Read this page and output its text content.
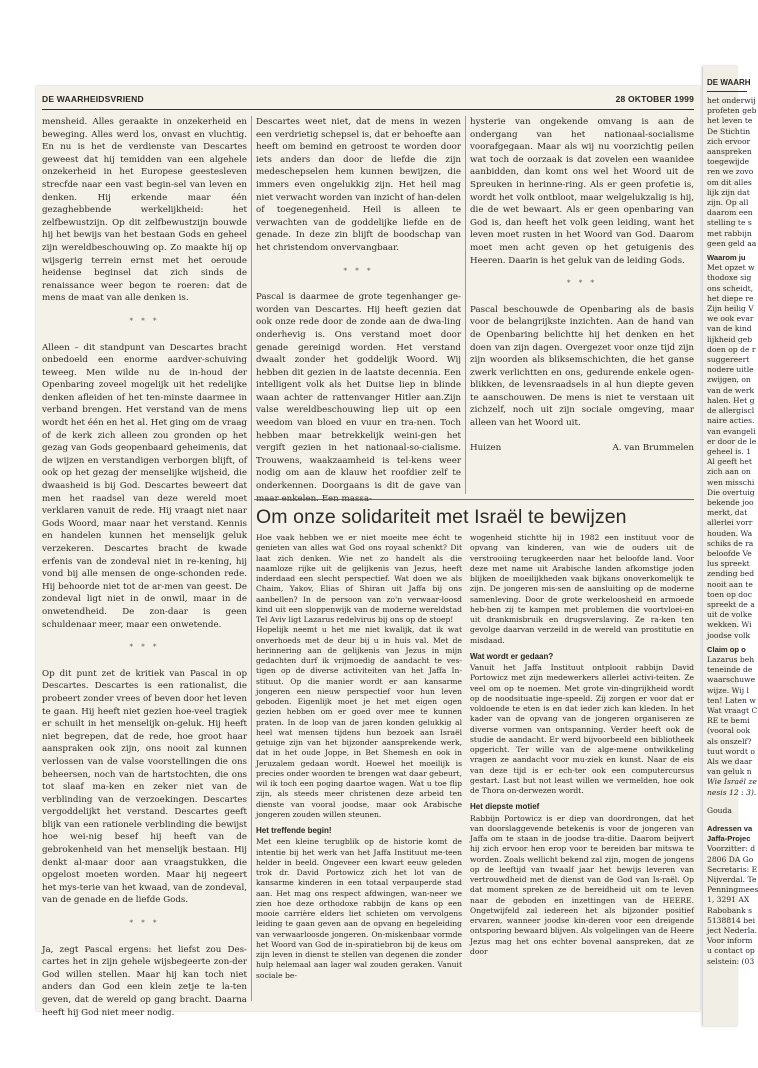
DE WAARHEIDSVRIEND	28 OKTOBER 1999

mensheid. Alles geraakte in onzekerheid en beweging. Alles werd los, onvast en vluchtig. En nu is het de verdienste van Descartes geweest dat hij temidden van een algehele onzekerheid in het Europese geestesleven strecfde naar een vast begin-sel van leven en denken. Hij erkende maar één gezaghebbende werkelijkheid: het zelfbewustzijn. Op dit zelfbewustzijn bouwde hij het bewijs van het bestaan Gods en geheel zijn wereldbeschouwing op. Zo maakte hij op wijsgerig terrein ernst met het oeroude heidense beginsel dat zich sinds de renaissance weer begon te roeren: dat de mens de maat van alle denken is.

* * *

Alleen – dit standpunt van Descartes bracht onbedoeld een enorme aardver-schuiving teweeg. Men wilde nu de in-houd der Openbaring zoveel mogelijk uit het redelijke denken afleiden of het ten-minste daarmee in verband brengen. Het verstand van de mens wordt het één en het al. Het ging om de vraag of de kerk zich alleen zou gronden op het gezag van Gods geopenbaard geheimenis, dat de wijzen en verstandigen verborgen blijft, of ook op het gezag der menselijke wijsheid, die dwaasheid is bij God. Descartes beweert dat men het raadsel van deze wereld moet verklaren vanuit de rede. Hij vraagt niet naar Gods Woord, maar naar het verstand. Kennis en handelen kunnen het menselijk geluk verzekeren. Descartes bracht de kwade erfenis van de zondeval niet in re-kening, hij vond bij alle mensen de onge-schonden rede. Hij behoorde niet tot de ar-men van geest. De zondeval ligt niet in de onwil, maar in de onwetendheid. De zon-daar is geen schuldenaar meer, maar een onwetende.

* * *

Op dit punt zet de kritiek van Pascal in op Descartes. Descartes is een rationalist, die probeert zonder vrees of beven door het leven te gaan. Hij heeft niet gezien hoe-veel tragiek er schuilt in het menselijk on-geluk. Hij heeft niet begrepen, dat de rede, hoe groot haar aanspraken ook zijn, ons nooit zal kunnen verlossen van de valse voorstellingen die ons beheersen, noch van de hartstochten, die ons tot slaaf ma-ken en zeker niet van de verblinding van de verzoekingen. Descartes vergoddelijkt het verstand. Descartes geeft blijk van een rationele verblinding die bewijst hoe wei-nig besef hij heeft van de gebrokenheid van het menselijk bestaan. Hij denkt al-maar door aan vraagstukken, die opgelost moeten worden. Maar hij negeert het mys-terie van het kwaad, van de zondeval, van de genade en de liefde Gods.

* * *

Ja, zegt Pascal ergens: het liefst zou Des-cartes het in zijn gehele wijsbegeerte zon-der God willen stellen. Maar hij kan toch niet anders dan God een klein zetje te la-ten geven, dat de wereld op gang bracht. Daarna heeft hij God niet meer nodig.

Descartes weet niet, dat de mens in wezen een verdrietig schepsel is, dat er behoefte aan heeft om bemind en getroost te worden door iets anders dan door de liefde die zijn medeschepselen hem kunnen bewijzen, die immers even ongelukkig zijn. Het heil mag niet verwacht worden van inzicht of han-delen of toegenegenheid. Heil is alleen te verwachten van de goddelijke liefde en de genade. In deze zin blijft de boodschap van het christendom onvervangbaar.

* * *

Pascal is daarmee de grote tegenhanger ge-worden van Descartes. Hij heeft gezien dat ook onze rede door de zonde aan de dwa-ling onderhevig is. Ons verstand moet door genade gereinigd worden. Het verstand dwaalt zonder het goddelijk Woord. Wij hebben dit gezien in de laatste decennia. Een intelligent volk als het Duitse liep in blinde waan achter de rattenvanger Hitler aan.Zijn valse wereldbeschouwing liep uit op een weedom van bloed en vuur en tra-nen. Toch hebben maar betrekkelijk weini-gen het vergift gezien in het nationaal-so-cialisme. Trouwens, waakzaamheid is tel-kens weer nodig om aan de klauw het roofdier zelf te onderkennen. Doorgaans is dit de gave van maar enkelen. Een massa-

hysterie van ongekende omvang is aan de ondergang van het nationaal-socialisme voorafgegaan. Maar als wij nu voorzichtig peilen wat toch de oorzaak is dat zovelen een waanidee aanbidden, dan komt ons wel het Woord uit de Spreuken in herinne-ring. Als er geen profetie is, wordt het volk ontbloot, maar welgelukzalig is hij, die de wet bewaart. Als er geen openbaring van God is, dan heeft het volk geen leiding, want het leven moet rusten in het Woord van God. Daarom moet men acht geven op het getuigenis des Heeren. Daarin is het geluk van de leiding Gods.

* * *

Pascal beschouwde de Openbaring als de basis voor de belangrijkste inzichten. Aan de hand van de Openbaring belichtte hij het denken en het doen van zijn dagen. Overgezet voor onze tijd zijn zijn woorden als bliksemschichten, die het ganse zwerk verlichtten en ons, gedurende enkele ogen-blikken, de levensraadsels in al hun diepte geven te aanschouwen. De mens is niet te verstaan uit zichzelf, noch uit zijn sociale omgeving, maar alleen van het Woord uit.

Huizen	A. van Brummelen
Om onze solidariteit met Israël te bewijzen

Hoe vaak hebben we er niet moeite mee écht te genieten van alles wat God ons royaal schenkt? Dit laat zich denken. Wie net zo handelt als die naamloze rijke uit de gelijkenis van Jezus, heeft inderdaad een slecht perspectief. Wat doen we als Chaim, Yakov, Elias of Shiran uit Jaffa bij ons aanbellen? In de persoon van zo'n verwaar-loosd kind uit een sloppenwijk van de moderne wereldstad Tel Aviv ligt Lazarus redelvirus bij ons op de stoep!

Hopelijk neemt u het me niet kwalijk, dat ik wat onverhoeds met de deur bij u in huis val. Met de herinnering aan de gelijkenis van Jezus in mijn gedachten durf ik vrijmoedig de aandacht te ves-tigen op de diverse activiteiten van het Jaffa In-stituut. Op die manier wordt er aan kansarme jongeren een nieuw perspectief voor hun leven geboden. Eigenlijk moet je het met eigen ogen gezien hebben om er goed over mee te kunnen praten. In de loop van de jaren konden gelukkig al heel wat mensen tijdens hun bezoek aan Israël getuige zijn van het bijzonder aansprekende werk, dat in het oude Joppe, in Bet Shemesh en ook in Jeruzalem gedaan wordt. Hoewel het moeilijk is precies onder woorden te brengen wat daar gebeurt, wil ik toch een poging daartoe wagen. Wat u toe flip zijn, als steeds meer christenen deze arbeid ten dienste van vooral joodse, maar ook Arabische jongeren zouden willen steunen.

Het treffende begin!

Met een kleine terugblik op de historie komt de intentie bij het werk van het Jaffa Instituut me-teen helder in beeld. Ongeveer een kwart eeuw geleden trok dr. David Portowicz zich het lot van de kansarme kinderen in een totaal verpauperde stad aan. Het mag ons respect afdwingen, wan-neer we zien hoe deze orthodoxe rabbijn de kans op een mooie carrière elders liet schieten om vervolgens leiding te gaan geven aan de opvang en begeleiding van verwaarloosde jongeren. On-miskenbaar vormde het Woord van God de in-spiratiebron bij de keus om zijn leven in dienst te stellen van degenen die zonder hulp helemaal aan lager wal zouden geraken. Vanuit sociale be-

wogenheid stichtte hij in 1982 een instituut voor de opvang van kinderen, van wie de ouders uit de verstrooiing terugkeerden naar het beloofde land. Voor deze met name uit Arabische landen afkomstige joden blijken de moeilijkheden vaak bijkans onoverkomelijk te zijn. De jongeren mis-sen de aansluiting op de moderne samenleving. Door de grote werkeloosheid en armoede heb-ben zij te kampen met problemen die voortvloei-en uit drankmisbruik en drugsverslaving. Ze ra-ken ten gevolge daarvan verzeild in de wereld van prostitutie en misdaad.

Wat wordt er gedaan?

Vanuit het Jaffa Instituut ontplooit rabbijn David Portowicz met zijn medewerkers allerlei activi-teiten. Ze veel om op te noemen. Met grote vin-dingrijkheid wordt op de noodsituatie inge-speeld. Zij zorgen er voor dat er voldoende te eten is en dat ieder zich kan kleden. In het kader van de opvang van de jongeren organiseren ze diverse vormen van ontspanning. Verder heeft ook de studie de aandacht. Er werd bijvoorbeeld een bibliotheek opgericht. Ter wille van de alge-mene ontwikkeling vragen ze aandacht voor mu-ziek en kunst. Naar de eis van deze tijd is er ech-ter ook een computercursus gestart. Last but not least willen we vermelden, hoe ook de Thora on-derwezen wordt.

Het diepste motief

Rabbijn Portowicz is er diep van doordrongen, dat het van doorslaggevende betekenis is voor de jongeren van Jaffa om te staan in de joodse tra-ditie. Daarom beijvert hij zich ervoor hen erop voor te bereiden bar mitswa te worden. Zoals wellicht bekend zal zijn, mogen de jongens op de leeftijd van twaalf jaar het bewijs leveren van vertrouwdheid met de dienst van de God van Is-raël. Op dat moment spreken ze de bereidheid uit om te leven naar de geboden en inzettingen van de HEERE. Ongetwijfeld zal iedereen het als bijzonder positief ervaren, wanneer joodse kin-deren voor een dreigende ontsporing bewaard blijven. Als volgelingen van de Heere Jezus mag het ons echter bovenal aanspreken, dat ze door

DE WAARH
het onderwij
profeten geb
het leven te
De Stichtin
zich ervoor
aanspreken
toegewijde
ren we zovo
om dit alles
lijk zijn dat
zijn. Op all
daarom een
stelling te s
met rabbijn
geen geld aa
Waarom ju
Met opzet w
thodoxe sig
ons scheidt,
het diepe re
Zijn heilig V
we ook evar
van de kind
lijkheid geb
doen op de r
suggereert
nodere uitle
zwijgen, on
van de werk
halen. Het g
de allergiscl
naire acties.
van evangeli
er door de le
geheel is. 1
Al geeft het
zich aan on
wen misschi
Die overtuig
bekende joo
merkt, dat
allerlei vorr
houden. Wa
schiks de ra
beloofde Ve
lus spreekt
zending bed
nooit aan te
toen op doc
spreekt de a
uit de volke
wekken. Wi
joodse volk
Claim op o
Lazarus beh
teneinde de
waarschuwe
wijze. Wij l
ten! Laten w
Wat vraagt C
RE te bemi
(vooral ook
als onszelf?
tuut wordt o
Als we daar
van geluk n
Wie Israël ze
nesis 12 : 3).
Gouda
Adressen va
Jaffa-Projec
Voorzitter: d
2806 DA Go
Secretaris: E
Nijverdal. Te
Penningmees
1, 3291 AX
Rabobank s
5138814 bei
ject Nederla.
Voor inform
u contact op
selstein: (03
